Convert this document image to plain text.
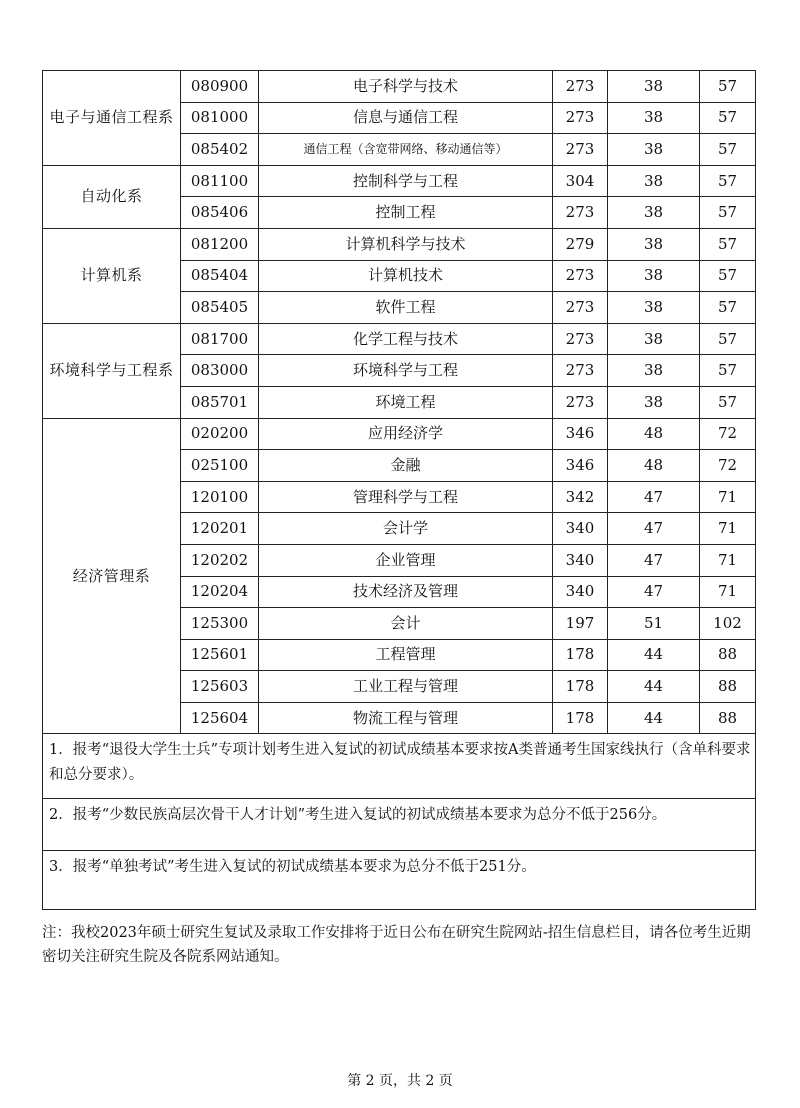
电子与通信工程系	080900	电子科学与技术	273	38	57
	081000	信息与通信工程	273	38	57
	085402	通信工程（含宽带网络、移动通信等）	273	38	57
自动化系	081100	控制科学与工程	304	38	57
	085406	控制工程	273	38	57
计算机系	081200	计算机科学与技术	279	38	57
	085404	计算机技术	273	38	57
	085405	软件工程	273	38	57
环境科学与工程系	081700	化学工程与技术	273	38	57
	083000	环境科学与工程	273	38	57
	085701	环境工程	273	38	57
经济管理系	020200	应用经济学	346	48	72
	025100	金融	346	48	72
	120100	管理科学与工程	342	47	71
	120201	会计学	340	47	71
	120202	企业管理	340	47	71
	120204	技术经济及管理	340	47	71
	125300	会计	197	51	102
	125601	工程管理	178	44	88
	125603	工业工程与管理	178	44	88
	125604	物流工程与管理	178	44	88
1．报考“退役大学生士兵”专项计划考生进入复试的初试成绩基本要求按A类普通考生国家线执行（含单科要求和总分要求）。					
2．报考“少数民族高层次骨干人才计划”考生进入复试的初试成绩基本要求为总分不低于256分。					
3．报考“单独考试”考生进入复试的初试成绩基本要求为总分不低于251分。					

注：我校2023年硕士研究生复试及录取工作安排将于近日公布在研究生院网站-招生信息栏目，请各位考生近期密切关注研究生院及各院系网站通知。

第 2 页，共 2 页
